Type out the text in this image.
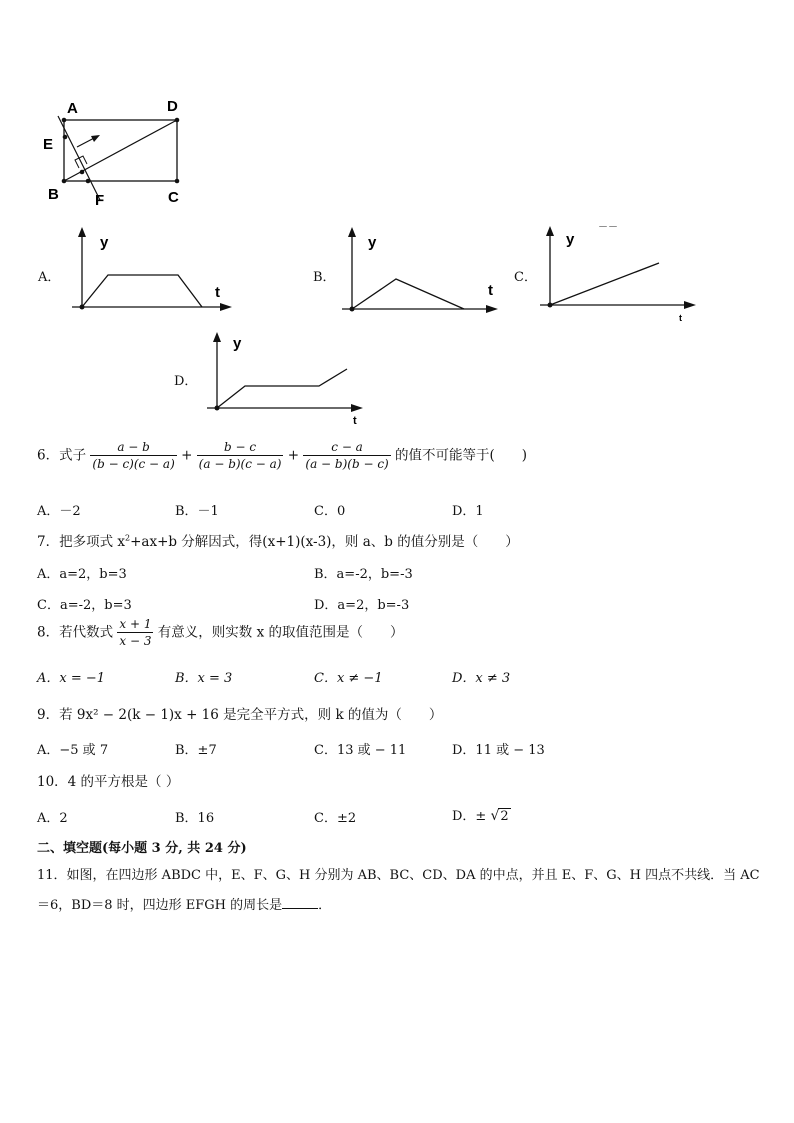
A	D
E
B F	C
A．
y
t
B．
y
t
C．
y
－－
t
D．
y
t
6．式子 $\frac{a - b}{(b - c)(c - a)} + \frac{b - c}{(a - b)(c - a)} + \frac{c - a}{(a - b)(b - c)}$ 的值不可能等于(　　)
A．－2	B．－1	C．0	D．1
7．把多项式 $x^2+ax+b$ 分解因式，得(x+1)(x-3)，则 a、b 的值分别是（　　）
A．a=2，b=3	B．a=-2，b=-3
C．a=-2，b=3	D．a=2，b=-3
8．若代数式 $\frac{x + 1}{x - 3}$ 有意义，则实数 x 的取值范围是（　　）
A．x = −1	B．x = 3	C．x ≠ −1	D．x ≠ 3
9．若 9x² − 2(k − 1)x + 16 是完全平方式，则 k 的值为（　　）
A．−5 或 7	B．±7	C．13 或 − 11	D．11 或 − 13
10．4 的平方根是（ ）
A．2	B．16	C．±2	D．± √2
二、填空题(每小题 3 分, 共 24 分)
11．如图，在四边形 ABDC 中，E、F、G、H 分别为 AB、BC、CD、DA 的中点，并且 E、F、G、H 四点不共线．当 AC
＝6，BD＝8 时，四边形 EFGH 的周长是	．
